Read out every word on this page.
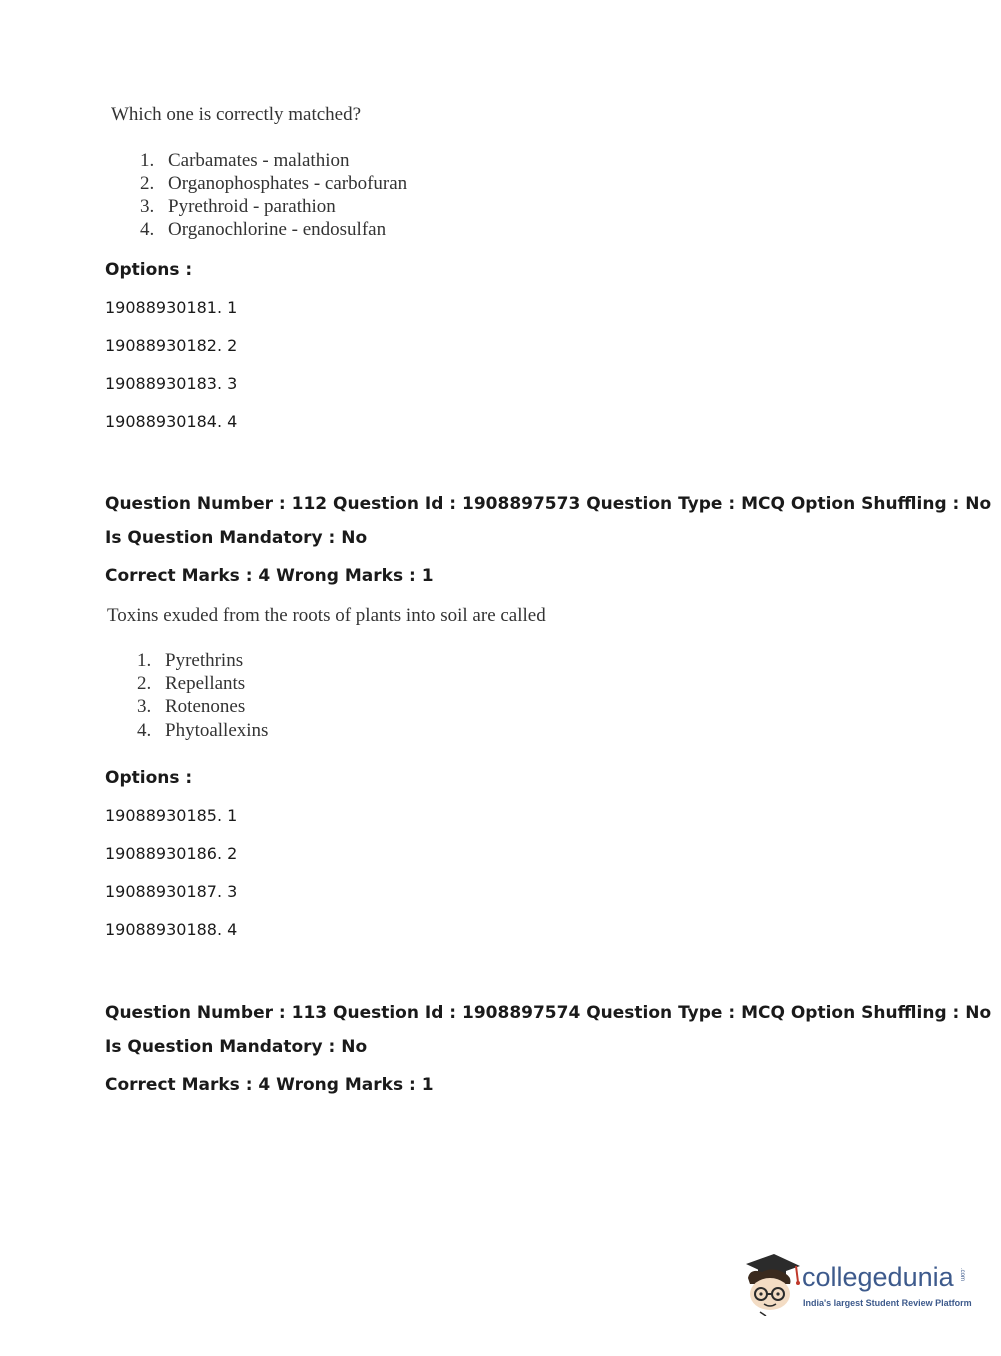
Which one is correctly matched?
1. Carbamates - malathion
2. Organophosphates - carbofuran
3. Pyrethroid - parathion
4. Organochlorine - endosulfan
Options :
19088930181. 1
19088930182. 2
19088930183. 3
19088930184. 4
Question Number : 112 Question Id : 1908897573 Question Type : MCQ Option Shuffling : No
Is Question Mandatory : No
Correct Marks : 4 Wrong Marks : 1
Toxins exuded from the roots of plants into soil are called
1. Pyrethrins
2. Repellants
3. Rotenones
4. Phytoallexins
Options :
19088930185. 1
19088930186. 2
19088930187. 3
19088930188. 4
Question Number : 113 Question Id : 1908897574 Question Type : MCQ Option Shuffling : No
Is Question Mandatory : No
Correct Marks : 4 Wrong Marks : 1
collegedunia .com
India's largest Student Review Platform
